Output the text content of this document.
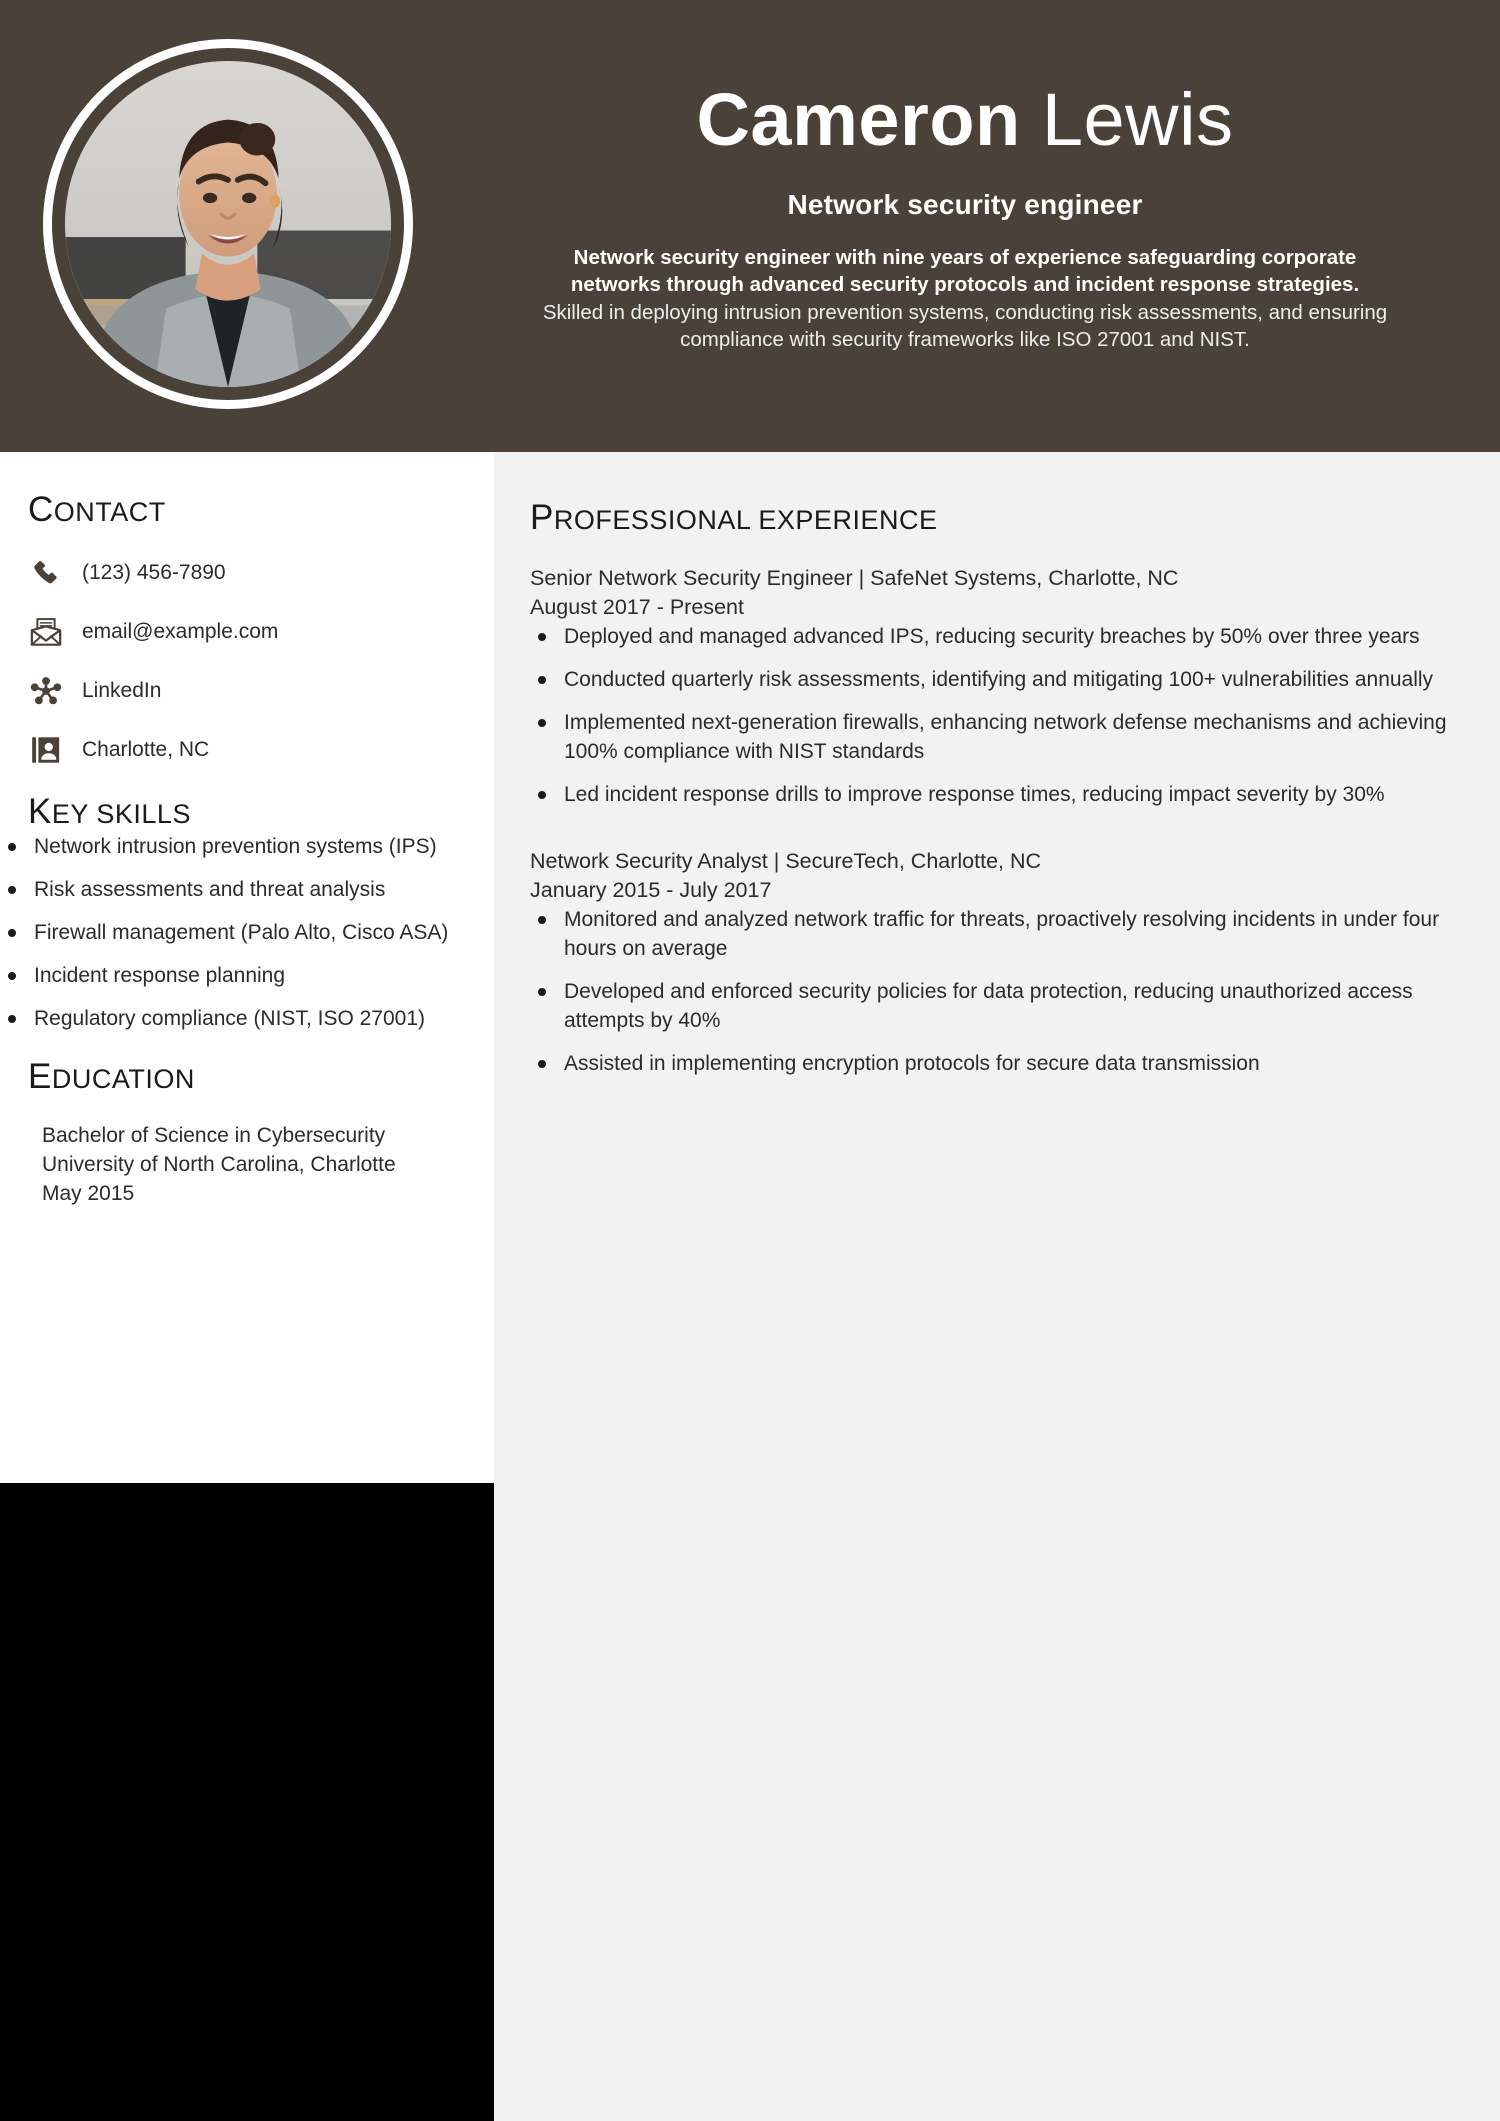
Cameron Lewis
Network security engineer
Network security engineer with nine years of experience safeguarding corporate networks through advanced security protocols and incident response strategies.
Skilled in deploying intrusion prevention systems, conducting risk assessments, and ensuring compliance with security frameworks like ISO 27001 and NIST.
CONTACT
(123) 456-7890
email@example.com
LinkedIn
Charlotte, NC
KEY SKILLS
Network intrusion prevention systems (IPS)
Risk assessments and threat analysis
Firewall management (Palo Alto, Cisco ASA)
Incident response planning
Regulatory compliance (NIST, ISO 27001)
EDUCATION
Bachelor of Science in Cybersecurity
University of North Carolina, Charlotte
May 2015
PROFESSIONAL EXPERIENCE
Senior Network Security Engineer | SafeNet Systems, Charlotte, NC
August 2017 - Present
Deployed and managed advanced IPS, reducing security breaches by 50% over three years
Conducted quarterly risk assessments, identifying and mitigating 100+ vulnerabilities annually
Implemented next-generation firewalls, enhancing network defense mechanisms and achieving 100% compliance with NIST standards
Led incident response drills to improve response times, reducing impact severity by 30%
Network Security Analyst | SecureTech, Charlotte, NC
January 2015 - July 2017
Monitored and analyzed network traffic for threats, proactively resolving incidents in under four hours on average
Developed and enforced security policies for data protection, reducing unauthorized access attempts by 40%
Assisted in implementing encryption protocols for secure data transmission
